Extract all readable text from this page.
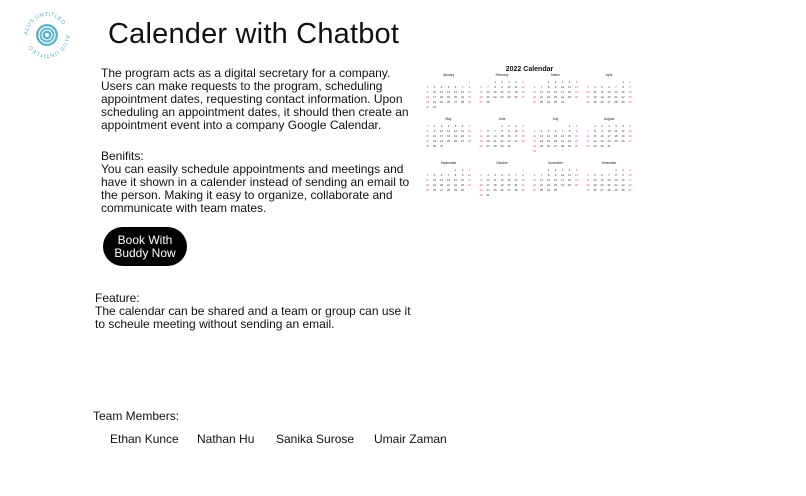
ALUS UNTITLED
ALUS UNTITLED	Calender with Chatbot

The program acts as a digital secretary for a company. Users can make requests to the program, scheduling appointment dates, requesting contact information. Upon scheduling an appointment dates, it should then create an appointment event into a company Google Calendar.

Benifits:
You can easily schedule appointments and meetings and have it shown in a calender instead of sending an email to the person. Making it easy to organize, collaborate and communicate with team mates.
Book With Buddy Now
Feature:
The calendar can be shared and a team or group can use it to scheule meeting without sending an email.
Team Members:
Ethan Kunce Nathan Hu Sanika Surose Umair Zaman
2022 Calendar
January
1
2 3 4 5 6 7 8
9 10 11 12 13 14 15
16 17 18 19 20 21 22
23 24 25 26 27 28 29
30 31
February
1 2 3 4 5
6 7 8 9 10 11 12
13 14 15 16 17 18 19
20 21 22 23 24 25 26
27 28
March
1 2 3 4 5
6 7 8 9 10 11 12
13 14 15 16 17 18 19
20 21 22 23 24 25 26
27 28 29 30 31
April
1 2
3 4 5 6 7 8 9
10 11 12 13 14 15 16
17 18 19 20 21 22 23
24 25 26 27 28 29 30
May
1 2 3 4 5 6 7
8 9 10 11 12 13 14
15 16 17 18 19 20 21
22 23 24 25 26 27 28
29 30 31
June
1 2 3 4
5 6 7 8 9 10 11
12 13 14 15 16 17 18
19 20 21 22 23 24 25
26 27 28 29 30
July
1 2
3 4 5 6 7 8 9
10 11 12 13 14 15 16
17 18 19 20 21 22 23
24 25 26 27 28 29 30
31
August
1 2 3 4 5 6
7 8 9 10 11 12 13
14 15 16 17 18 19 20
21 22 23 24 25 26 27
28 29 30 31
September
1 2 3
4 5 6 7 8 9 10
11 12 13 14 15 16 17
18 19 20 21 22 23 24
25 26 27 28 29 30
October
1
2 3 4 5 6 7 8
9 10 11 12 13 14 15
16 17 18 19 20 21 22
23 24 25 26 27 28 29
30 31
November
1 2 3 4 5
6 7 8 9 10 11 12
13 14 15 16 17 18 19
20 21 22 23 24 25 26
27 28 29 30
December
1 2 3
4 5 6 7 8 9 10
11 12 13 14 15 16 17
18 19 20 21 22 23 24
25 26 27 28 29 30 31
